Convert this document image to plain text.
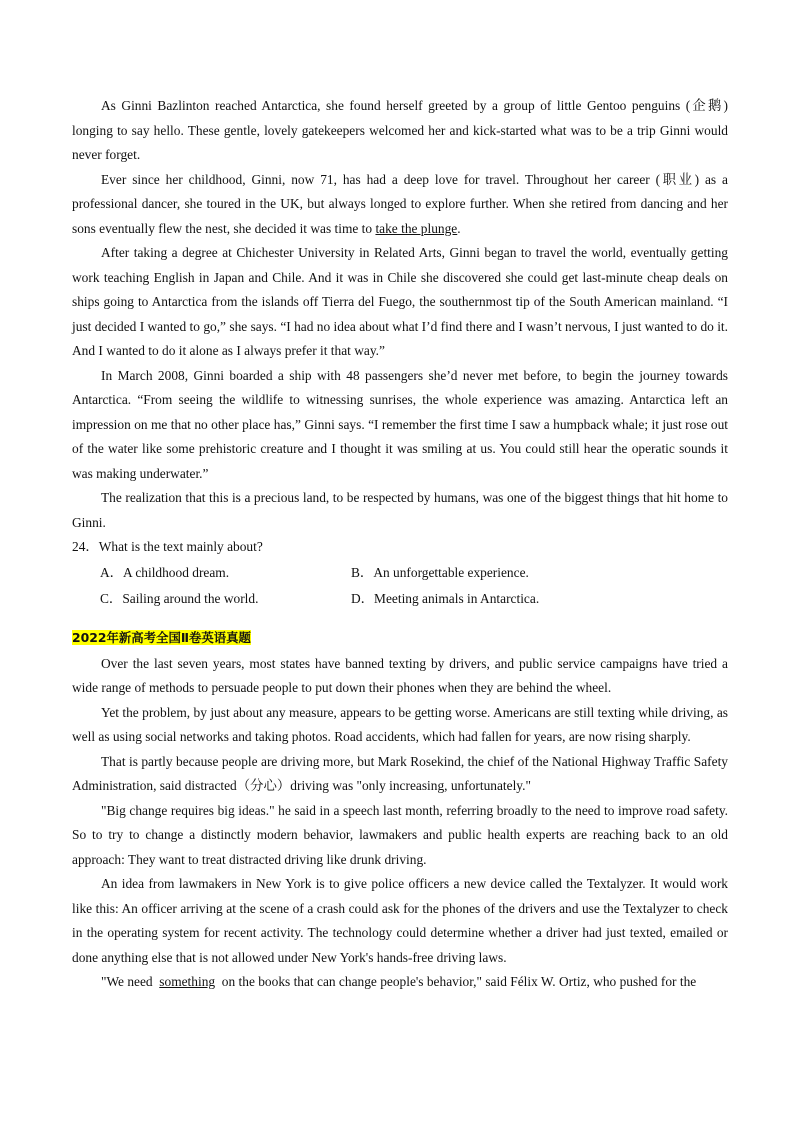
As Ginni Bazlinton reached Antarctica, she found herself greeted by a group of little Gentoo penguins (企鹅) longing to say hello. These gentle, lovely gatekeepers welcomed her and kick-started what was to be a trip Ginni would never forget.

Ever since her childhood, Ginni, now 71, has had a deep love for travel. Throughout her career (职业) as a professional dancer, she toured in the UK, but always longed to explore further. When she retired from dancing and her sons eventually flew the nest, she decided it was time to take the plunge.

After taking a degree at Chichester University in Related Arts, Ginni began to travel the world, eventually getting work teaching English in Japan and Chile. And it was in Chile she discovered she could get last-minute cheap deals on ships going to Antarctica from the islands off Tierra del Fuego, the southernmost tip of the South American mainland. “I just decided I wanted to go,” she says. “I had no idea about what I’d find there and I wasn’t nervous, I just wanted to do it. And I wanted to do it alone as I always prefer it that way.”

In March 2008, Ginni boarded a ship with 48 passengers she’d never met before, to begin the journey towards Antarctica. “From seeing the wildlife to witnessing sunrises, the whole experience was amazing. Antarctica left an impression on me that no other place has,” Ginni says. “I remember the first time I saw a humpback whale; it just rose out of the water like some prehistoric creature and I thought it was smiling at us. You could still hear the operatic sounds it was making underwater.”

The realization that this is a precious land, to be respected by humans, was one of the biggest things that hit home to Ginni.

24．What is the text mainly about?

A．A childhood dream.	B．An unforgettable experience.
C．Sailing around the world.	D．Meeting animals in Antarctica.
2022年新高考全国Ⅱ卷英语真题

Over the last seven years, most states have banned texting by drivers, and public service campaigns have tried a wide range of methods to persuade people to put down their phones when they are behind the wheel.

Yet the problem, by just about any measure, appears to be getting worse. Americans are still texting while driving, as well as using social networks and taking photos. Road accidents, which had fallen for years, are now rising sharply.

That is partly because people are driving more, but Mark Rosekind, the chief of the National Highway Traffic Safety Administration, said distracted（分心）driving was "only increasing, unfortunately."

"Big change requires big ideas." he said in a speech last month, referring broadly to the need to improve road safety. So to try to change a distinctly modern behavior, lawmakers and public health experts are reaching back to an old approach: They want to treat distracted driving like drunk driving.

An idea from lawmakers in New York is to give police officers a new device called the Textalyzer. It would work like this: An officer arriving at the scene of a crash could ask for the phones of the drivers and use the Textalyzer to check in the operating system for recent activity. The technology could determine whether a driver had just texted, emailed or done anything else that is not allowed under New York's hands-free driving laws.

"We need  something  on the books that can change people's behavior," said Félix W. Ortiz, who pushed for the
